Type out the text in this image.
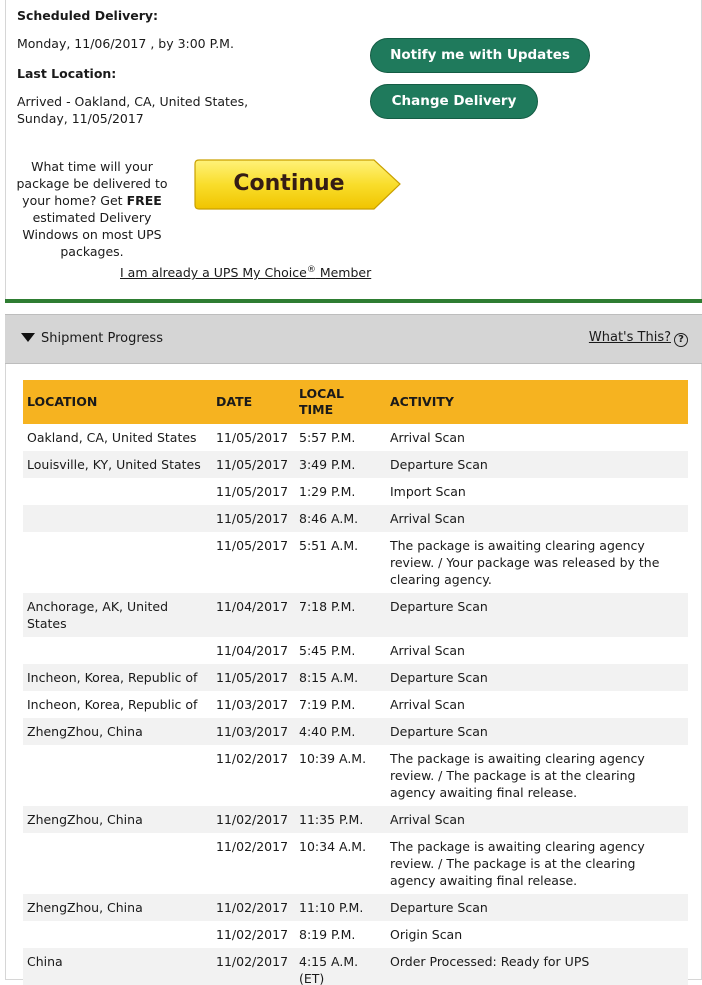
Scheduled Delivery:
Monday, 11/06/2017 , by 3:00 P.M.
Last Location:
Arrived - Oakland, CA, United States,
Sunday, 11/05/2017
Notify me with Updates
Change Delivery
What time will your package be delivered to your home? Get FREE estimated Delivery Windows on most UPS packages.
Continue
I am already a UPS My Choice® Member
Shipment Progress	What's This? ?
LOCATION	DATE	LOCAL TIME	ACTIVITY
Oakland, CA, United States	11/05/2017	5:57 P.M.	Arrival Scan
Louisville, KY, United States	11/05/2017	3:49 P.M.	Departure Scan
	11/05/2017	1:29 P.M.	Import Scan
	11/05/2017	8:46 A.M.	Arrival Scan
	11/05/2017	5:51 A.M.	The package is awaiting clearing agency review. / Your package was released by the clearing agency.
Anchorage, AK, United States	11/04/2017	7:18 P.M.	Departure Scan
	11/04/2017	5:45 P.M.	Arrival Scan
Incheon, Korea, Republic of	11/05/2017	8:15 A.M.	Departure Scan
Incheon, Korea, Republic of	11/03/2017	7:19 P.M.	Arrival Scan
ZhengZhou, China	11/03/2017	4:40 P.M.	Departure Scan
	11/02/2017	10:39 A.M.	The package is awaiting clearing agency review. / The package is at the clearing agency awaiting final release.
ZhengZhou, China	11/02/2017	11:35 P.M.	Arrival Scan
	11/02/2017	10:34 A.M.	The package is awaiting clearing agency review. / The package is at the clearing agency awaiting final release.
ZhengZhou, China	11/02/2017	11:10 P.M.	Departure Scan
	11/02/2017	8:19 P.M.	Origin Scan
China	11/02/2017	4:15 A.M. (ET)	Order Processed: Ready for UPS
